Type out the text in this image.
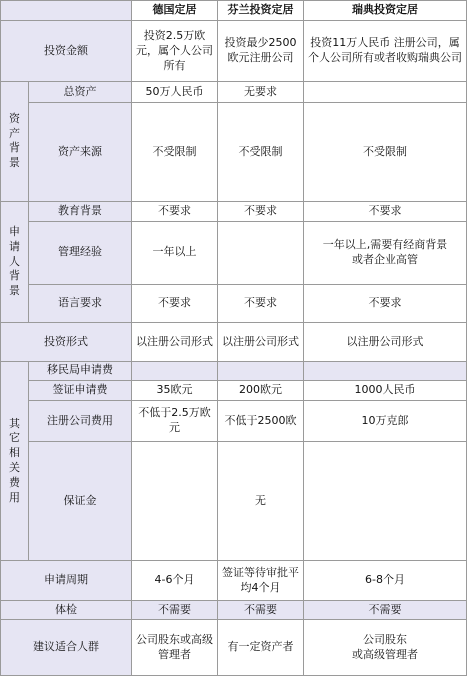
		德国定居	芬兰投资定居	瑞典投资定居
投资金额		投资2.5万欧元，属个人公司所有	投资最少2500欧元注册公司	投资11万人民币 注册公司，属个人公司所有或者收购瑞典公司
资产背景	总资产	50万人民币	无要求	
	资产来源	不受限制	不受限制	不受限制
申请人背景	教育背景	不要求	不要求	不要求
	管理经验	一年以上		一年以上,需要有经商背景
或者企业高管
	语言要求	不要求	不要求	不要求
投资形式		以注册公司形式	以注册公司形式	以注册公司形式
其它相关费用	移民局申请费			
	签证申请费	35欧元	200欧元	1000人民币
	注册公司费用	不低于2.5万欧元	不低于2500欧	10万克郎
	保证金		无	
申请周期		4-6个月	签证等待审批平均4个月	6-8个月
体检		不需要	不需要	不需要
建议适合人群		公司股东或高级管理者	有一定资产者	公司股东
或高级管理者
